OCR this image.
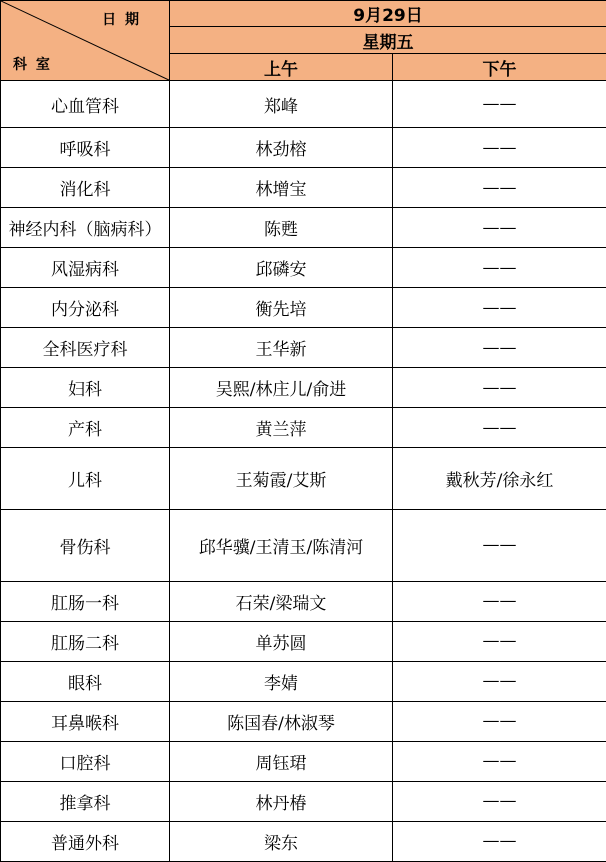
日 期
科 室	9月29日	
	星期五	
	上午	下午
心血管科	郑峰	——
呼吸科	林劲榕	——
消化科	林增宝	——
神经内科（脑病科）	陈甦	——
风湿病科	邱磷安	——
内分泌科	衡先培	——
全科医疗科	王华新	——
妇科	吴熙/林庄儿/俞进	——
产科	黄兰萍	——
儿科	王菊霞/艾斯	戴秋芳/徐永红
骨伤科	邱华骥/王清玉/陈清河	——
肛肠一科	石荣/梁瑞文	——
肛肠二科	单苏圆	——
眼科	李婧	——
耳鼻喉科	陈国春/林淑琴	——
口腔科	周钰珺	——
推拿科	林丹椿	——
普通外科	梁东	——
